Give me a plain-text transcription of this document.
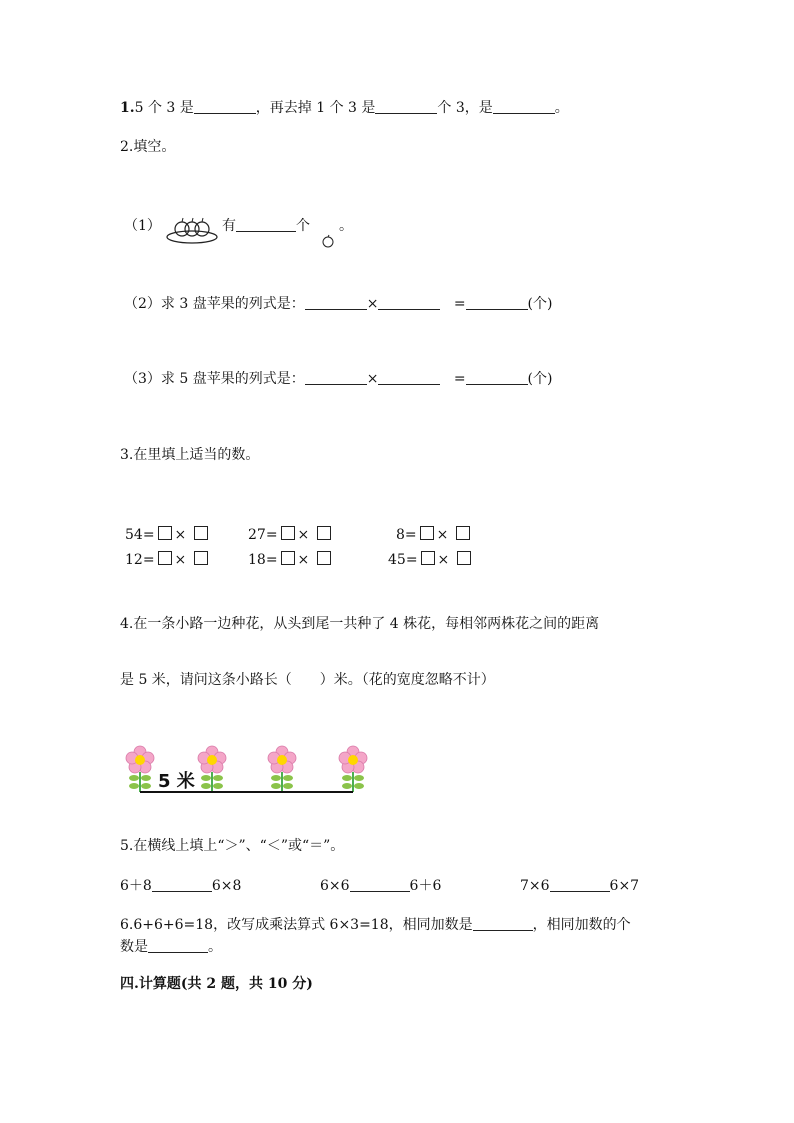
1.5 个 3 是	，再去掉 1 个 3 是	个 3，是	。
2.填空。
（1）	有	个 。
（2）求 3 盘苹果的列式是：	×	=	(个)
（3）求 5 盘苹果的列式是：	×	=	(个)
3.在里填上适当的数。
54= ×	27= ×	8= ×
12= ×	18= ×	45= ×
4.在一条小路一边种花，从头到尾一共种了 4 株花，每相邻两株花之间的距离
是 5 米，请问这条小路长（　　）米。（花的宽度忽略不计）
5 米
5.在横线上填上“＞”、“＜”或“＝”。
6＋8	6×8	6×6	6＋6	7×6	6×7
6.6+6+6=18，改写成乘法算式 6×3=18，相同加数是	，相同加数的个
数是	。
四.计算题(共 2 题，共 10 分)
